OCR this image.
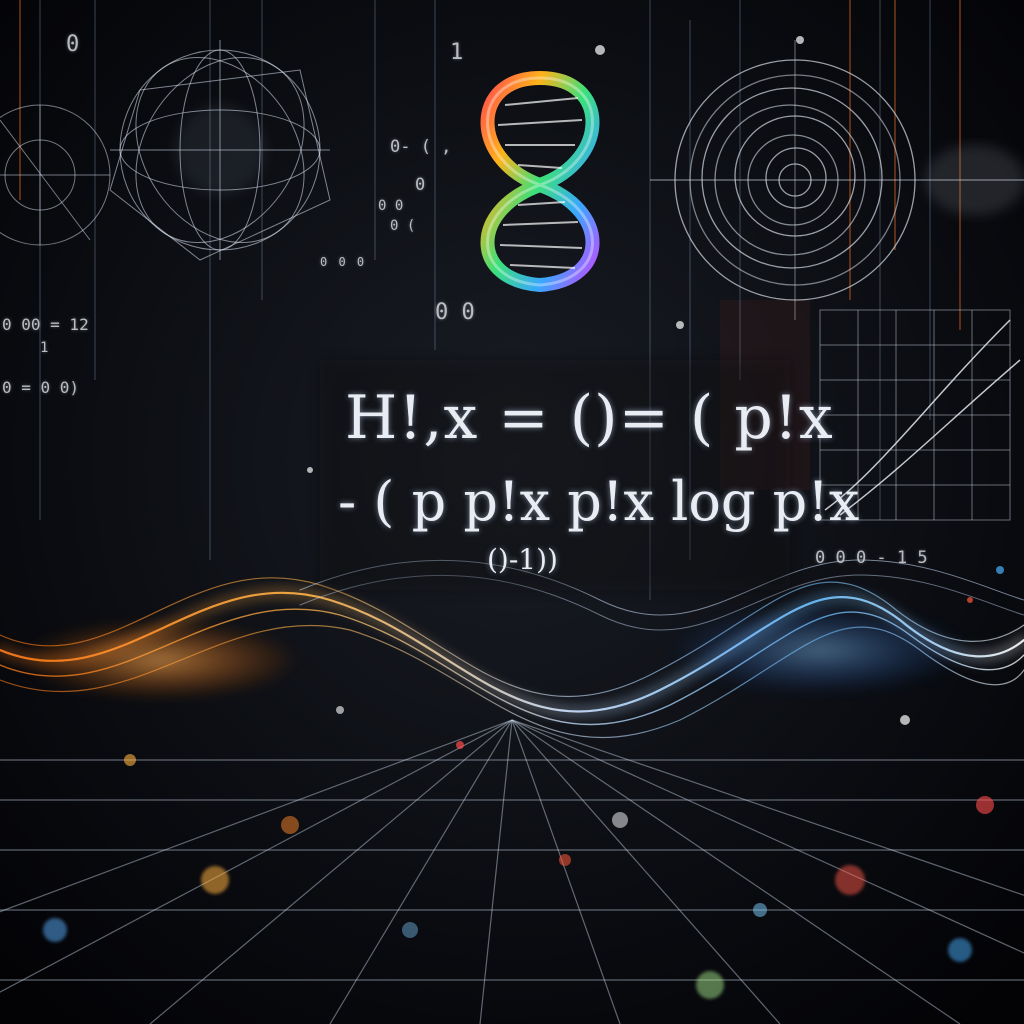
0	1
0- ( ,
0
0 0
0 (
0 0
0 00 = 12
1
0 = 0 0)
0 0 0
0 0 0 - 1 5
H!,x = ()= ( p!x
- ( p p!x p!x log p!x
()-1))
